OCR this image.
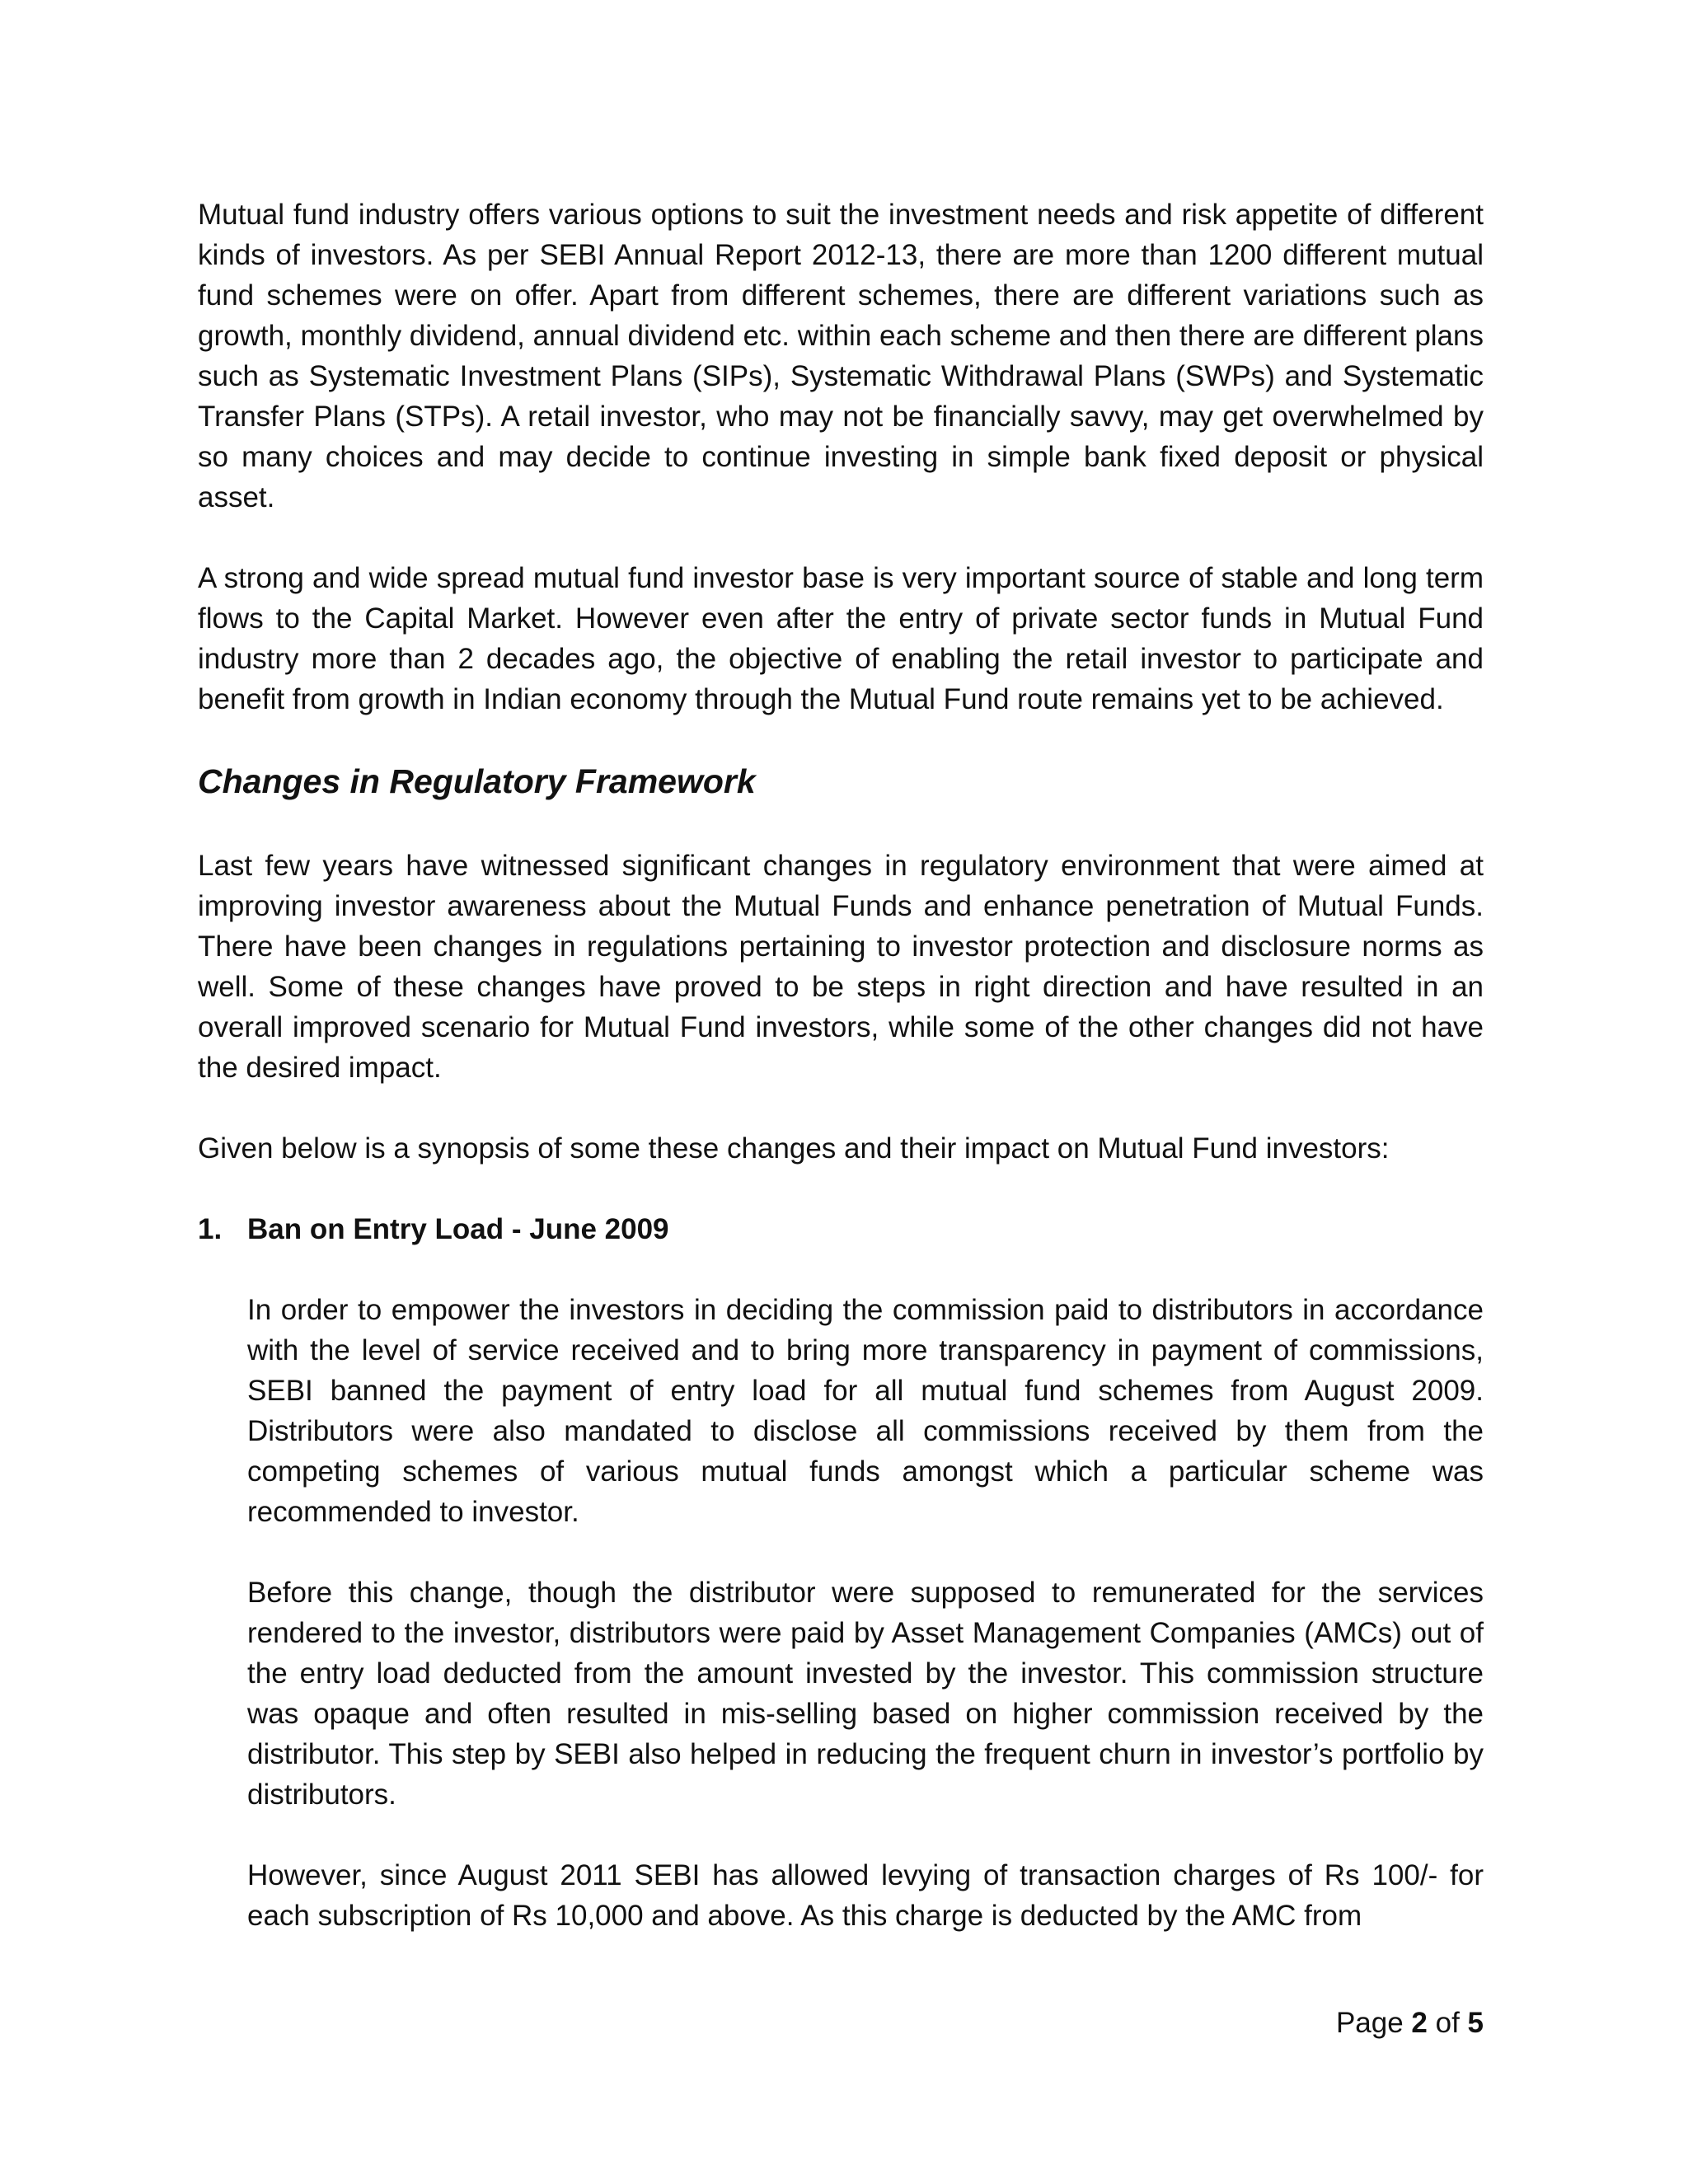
Mutual fund industry offers various options to suit the investment needs and risk appetite of different kinds of investors. As per SEBI Annual Report 2012-13, there are more than 1200 different mutual fund schemes were on offer. Apart from different schemes, there are different variations such as growth, monthly dividend, annual dividend etc. within each scheme and then there are different plans such as Systematic Investment Plans (SIPs), Systematic Withdrawal Plans (SWPs) and Systematic Transfer Plans (STPs). A retail investor, who may not be financially savvy, may get overwhelmed by so many choices and may decide to continue investing in simple bank fixed deposit or physical asset.

A strong and wide spread mutual fund investor base is very important source of stable and long term flows to the Capital Market. However even after the entry of private sector funds in Mutual Fund industry more than 2 decades ago, the objective of enabling the retail investor to participate and benefit from growth in Indian economy through the Mutual Fund route remains yet to be achieved.

Changes in Regulatory Framework

Last few years have witnessed significant changes in regulatory environment that were aimed at improving investor awareness about the Mutual Funds and enhance penetration of Mutual Funds. There have been changes in regulations pertaining to investor protection and disclosure norms as well. Some of these changes have proved to be steps in right direction and have resulted in an overall improved scenario for Mutual Fund investors, while some of the other changes did not have the desired impact.

Given below is a synopsis of some these changes and their impact on Mutual Fund investors:

1. Ban on Entry Load - June 2009

In order to empower the investors in deciding the commission paid to distributors in accordance with the level of service received and to bring more transparency in payment of commissions, SEBI banned the payment of entry load for all mutual fund schemes from August 2009. Distributors were also mandated to disclose all commissions received by them from the competing schemes of various mutual funds amongst which a particular scheme was recommended to investor.

Before this change, though the distributor were supposed to remunerated for the services rendered to the investor, distributors were paid by Asset Management Companies (AMCs) out of the entry load deducted from the amount invested by the investor. This commission structure was opaque and often resulted in mis-selling based on higher commission received by the distributor. This step by SEBI also helped in reducing the frequent churn in investor’s portfolio by distributors.

However, since August 2011 SEBI has allowed levying of transaction charges of Rs 100/- for each subscription of Rs 10,000 and above. As this charge is deducted by the AMC from

Page 2 of 5
